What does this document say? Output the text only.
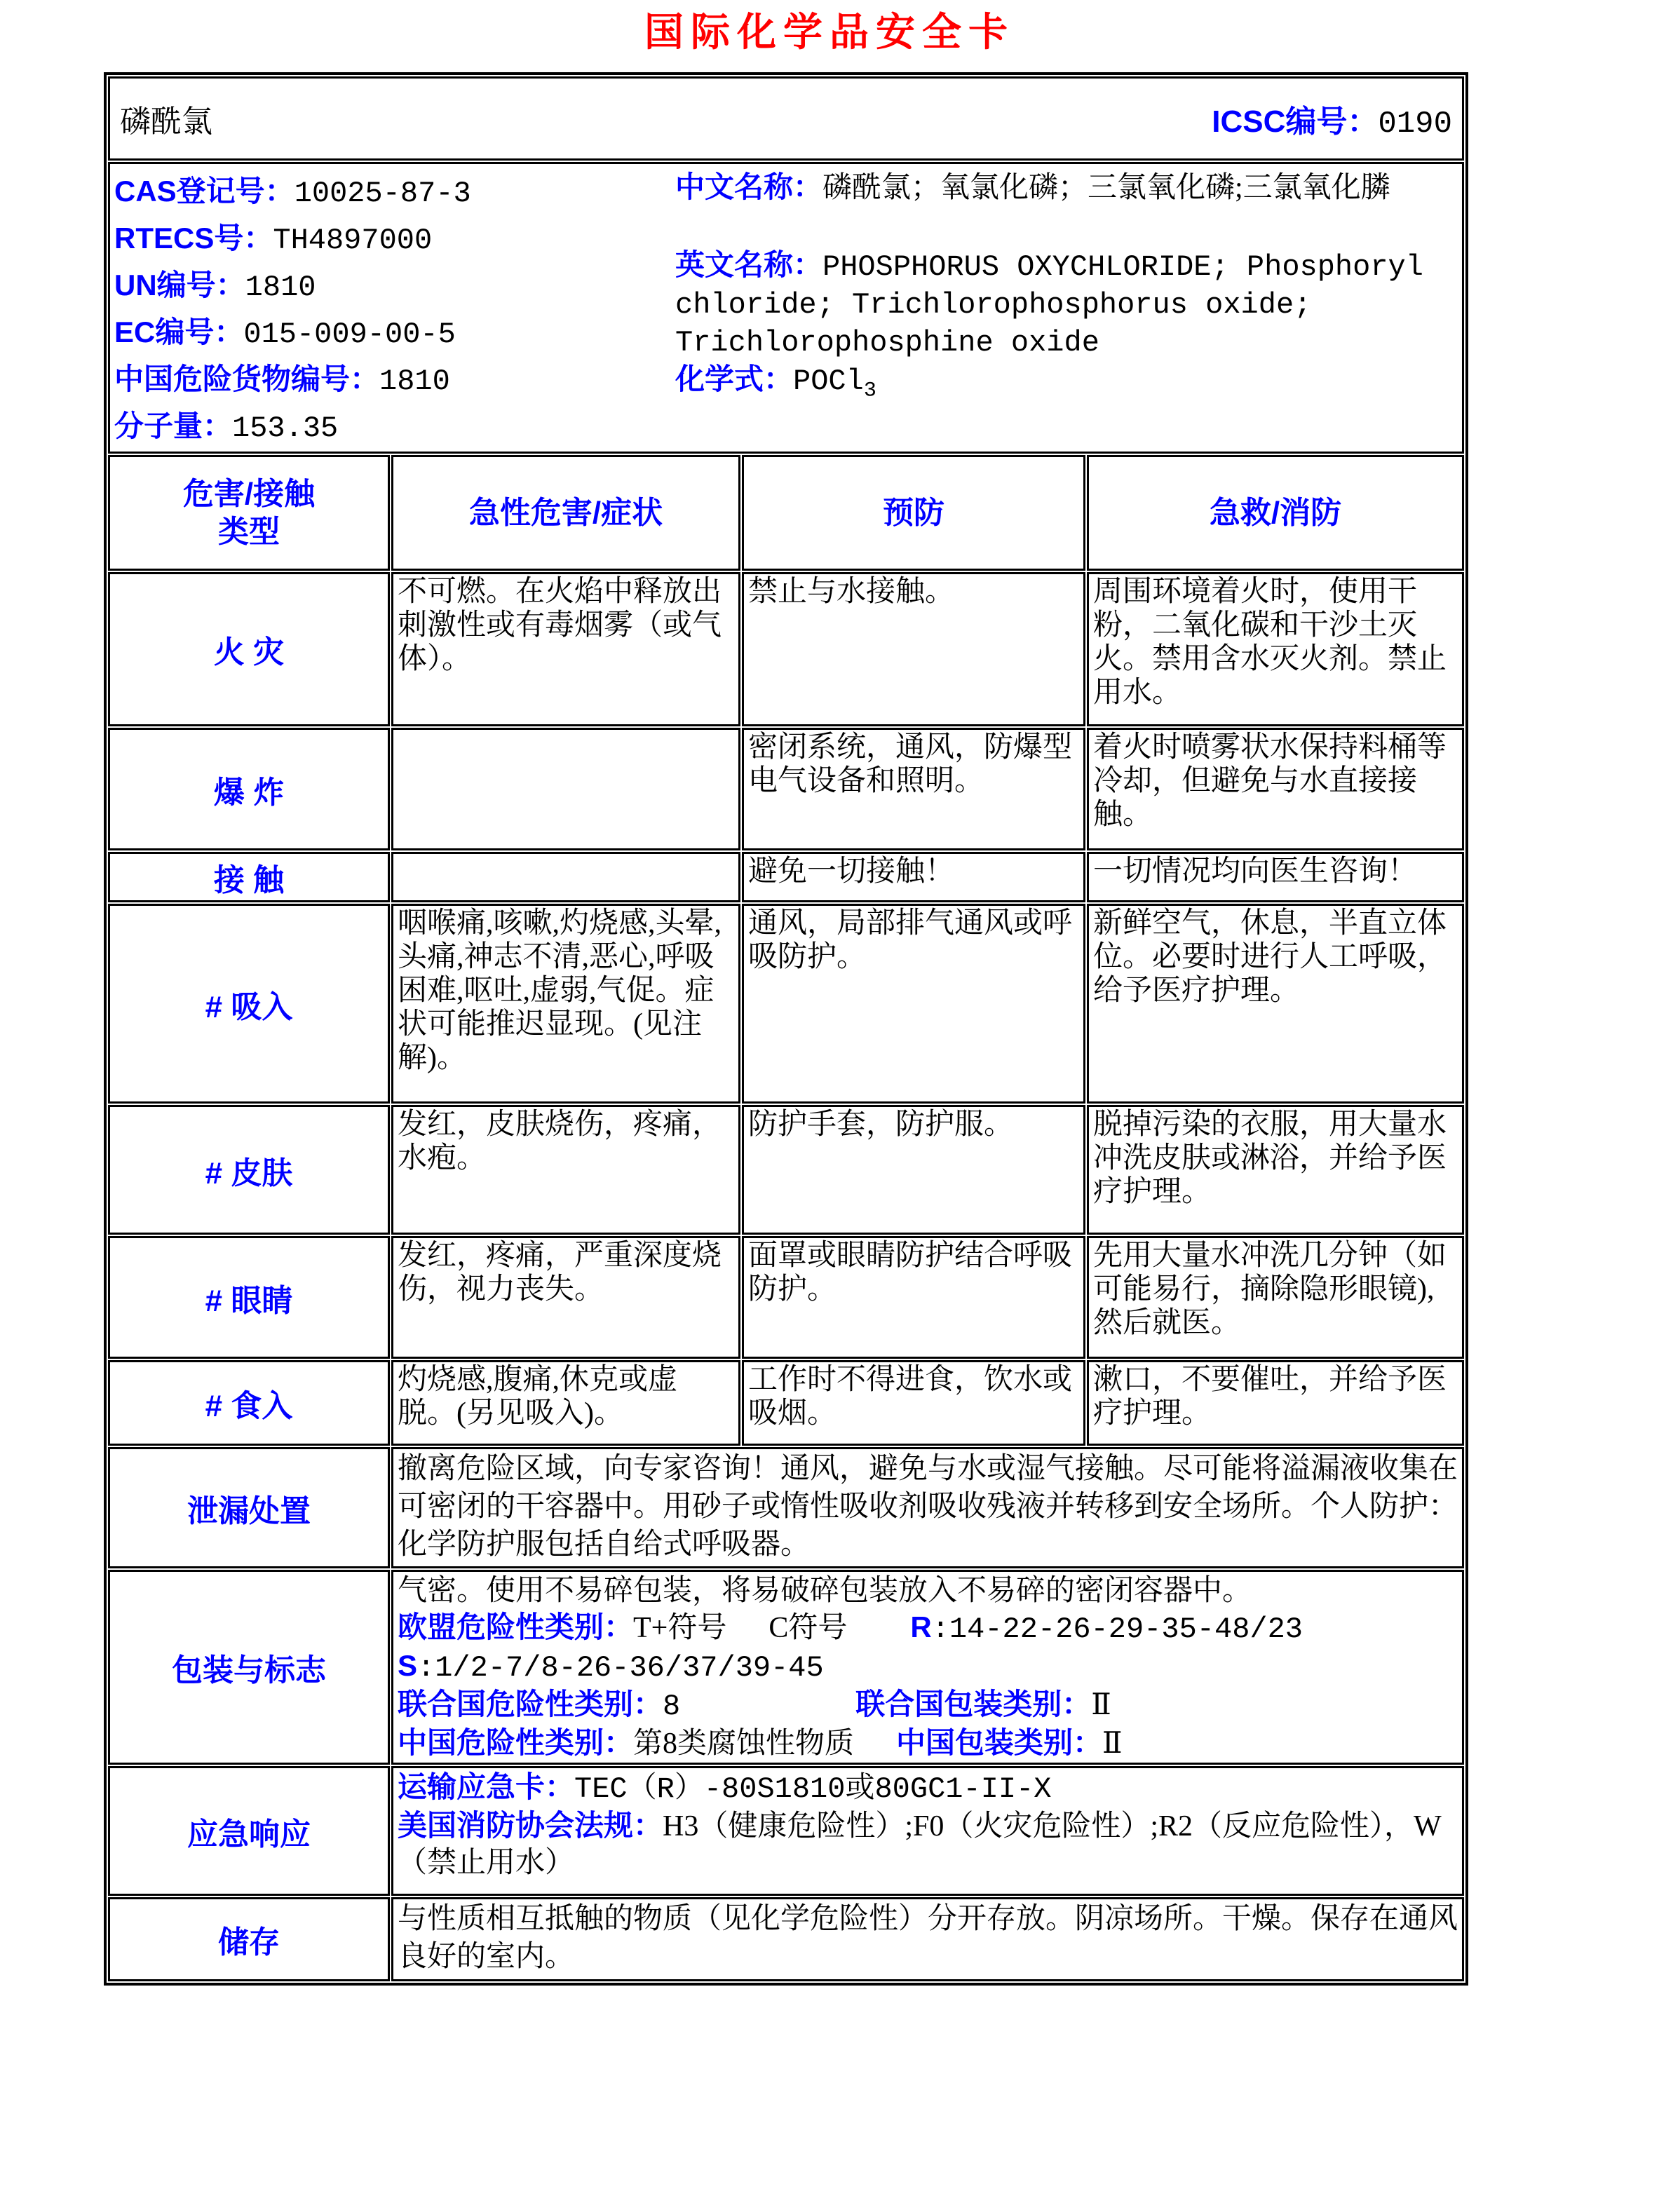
国际化学品安全卡
磷酰氯 ICSC编号：0190			

CAS登记号：10025-87-3
RTECS号：TH4897000
UN编号：1810
EC编号：015-009-00-5
中国危险货物编号：1810
分子量：153.35
中文名称：磷酰氯；氧氯化磷；三氯氧化磷;三氯氧化膦
英文名称：PHOSPHORUS OXYCHLORIDE; Phosphoryl chloride; Trichlorophosphorus oxide; Trichlorophosphine oxide
化学式：POCl$_3$

危害/接触类型	急性危害/症状	预防	急救/消防

火 灾	不可燃。在火焰中释放出刺激性或有毒烟雾（或气体）。	禁止与水接触。	周围环境着火时，使用干粉，二氧化碳和干沙土灭火。禁用含水灭火剂。禁止用水。
爆 炸		密闭系统，通风，防爆型电气设备和照明。	着火时喷雾状水保持料桶等冷却，但避免与水直接接触。
接 触		避免一切接触！	一切情况均向医生咨询！
# 吸入	咽喉痛,咳嗽,灼烧感,头晕,头痛,神志不清,恶心,呼吸困难,呕吐,虚弱,气促。症状可能推迟显现。(见注解)。	通风，局部排气通风或呼吸防护。	新鲜空气，休息，半直立体位。必要时进行人工呼吸，给予医疗护理。
# 皮肤	发红，皮肤烧伤，疼痛，水疱。	防护手套，防护服。	脱掉污染的衣服，用大量水冲洗皮肤或淋浴，并给予医疗护理。
# 眼睛	发红，疼痛，严重深度烧伤，视力丧失。	面罩或眼睛防护结合呼吸防护。	先用大量水冲洗几分钟（如可能易行，摘除隐形眼镜),然后就医。
# 食入	灼烧感,腹痛,休克或虚脱。(另见吸入)。	工作时不得进食，饮水或吸烟。	漱口，不要催吐，并给予医疗护理。
泄漏处置	撤离危险区域，向专家咨询！通风，避免与水或湿气接触。尽可能将溢漏液收集在可密闭的干容器中。用砂子或惰性吸收剂吸收残液并转移到安全场所。个人防护：化学防护服包括自给式呼吸器。		
包装与标志	气密。使用不易碎包装，将易破碎包装放入不易碎的密闭容器中。
欧盟危险性类别：T+符号 C符号 R:14-22-26-29-35-48/23
S:1/2-7/8-26-36/37/39-45
联合国危险性类别：8 联合国包装类别：Ⅱ
中国危险性类别：第8类腐蚀性物质 中国包装类别：Ⅱ		

应急响应	运输应急卡：TEC（R）-80S1810或80GC1-II-X
美国消防协会法规：H3（健康危险性）;F0（火灾危险性）;R2（反应危险性），W （禁止用水）		

储存	与性质相互抵触的物质（见化学危险性）分开存放。阴凉场所。干燥。保存在通风良好的室内。		
